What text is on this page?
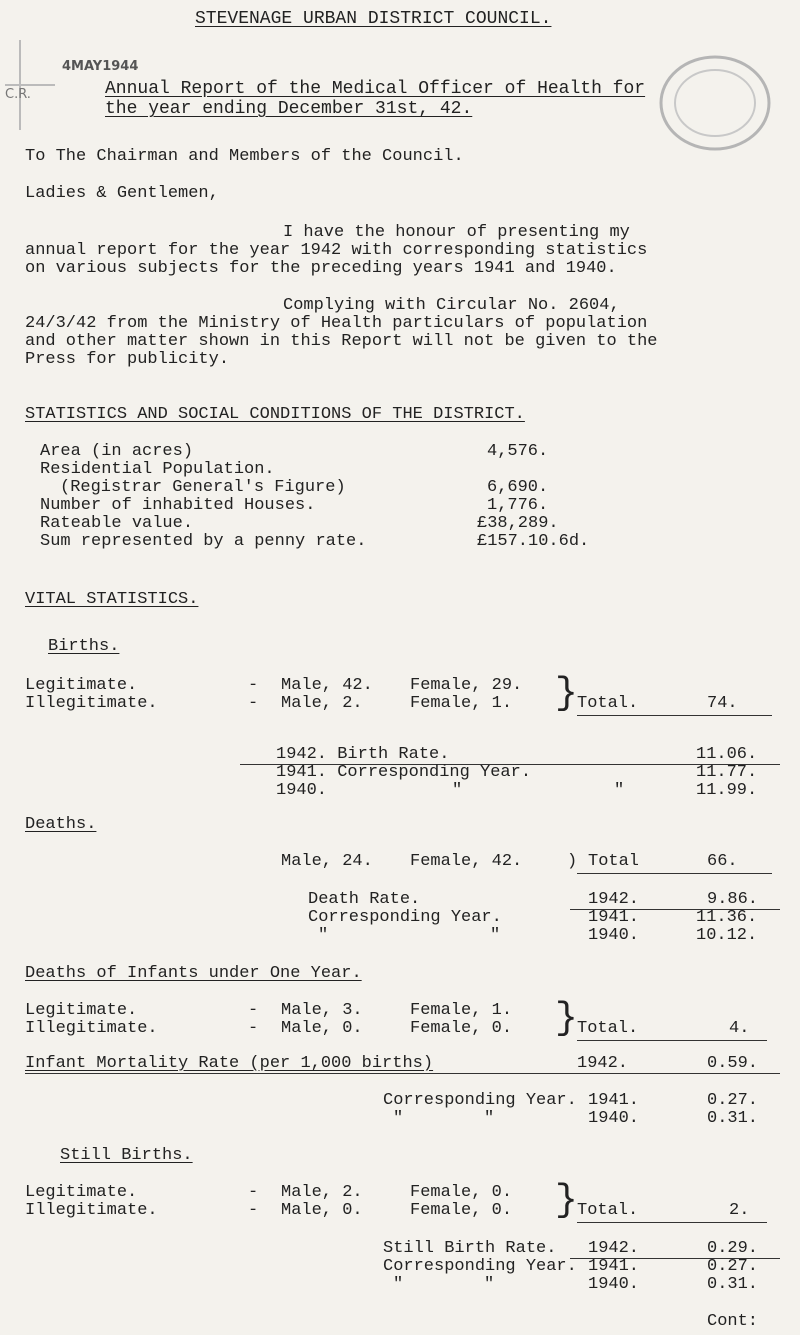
C.R.
4MAY1944
STEVENAGE URBAN DISTRICT COUNCIL.
Annual Report of the Medical Officer of Health for
the year ending December 31st, 42.
To The Chairman and Members of the Council.
Ladies & Gentlemen,
I have the honour of presenting my
annual report for the year 1942 with corresponding statistics
on various subjects for the preceding years 1941 and 1940.
Complying with Circular No. 2604,
24/3/42 from the Ministry of Health particulars of population
and other matter shown in this Report will not be given to the
Press for publicity.
STATISTICS AND SOCIAL CONDITIONS OF THE DISTRICT.
Area (in acres)	4,576.
Residential Population.
(Registrar General's Figure)	6,690.
Number of inhabited Houses.	1,776.
Rateable value.	£38,289.
Sum represented by a penny rate.	£157.10.6d.
VITAL STATISTICS.
Births.
Legitimate.	- Male, 42. Female, 29.
Illegitimate.	- Male, 2.	Female, 1. } Total.	74.
1942. Birth Rate.	11.06.
1941. Corresponding Year.	11.77.
1940.	"	"	11.99.
Deaths.
Male, 24. Female, 42.	) Total	66.
Death Rate.	1942.	9.86.
Corresponding Year.	1941.	11.36.
"	"	1940.	10.12.
Deaths of Infants under One Year.
Legitimate.	- Male, 3.	Female, 1.
Illegitimate.	- Male, 0.	Female, 0. } Total.	4.
Infant Mortality Rate (per 1,000 births)	1942.	0.59.
Corresponding Year. 1941.	0.27.
"	"	1940.	0.31.
Still Births.
Legitimate.	- Male, 2.	Female, 0.
Illegitimate.	- Male, 0.	Female, 0. } Total.	2.
Still Birth Rate. 1942.	0.29.
Corresponding Year. 1941.	0.27.
"	"	1940.	0.31.
Cont:
